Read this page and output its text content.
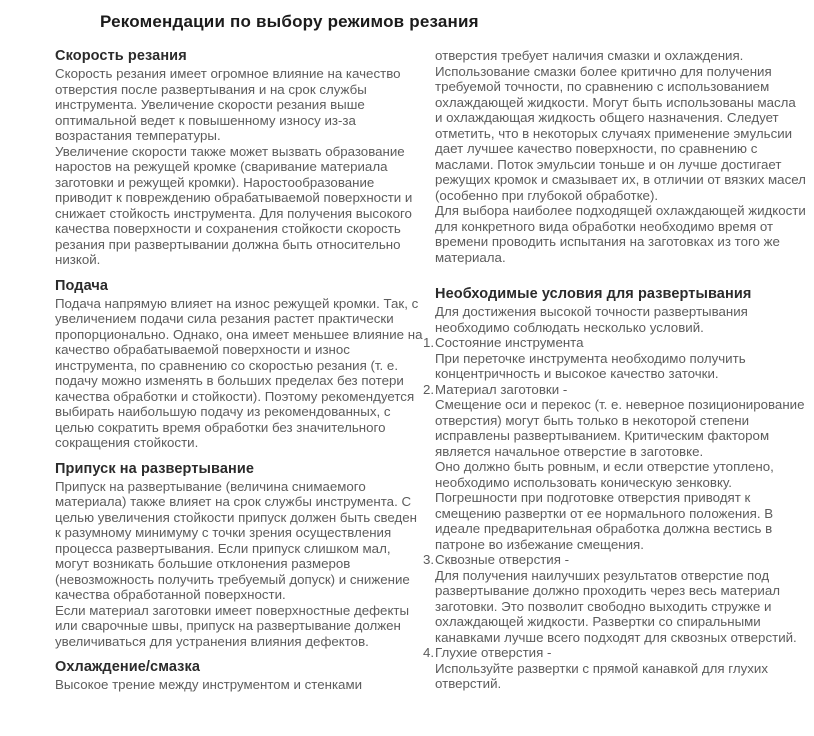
Рекомендации по выбору режимов резания
Скорость резания

Скорость резания имеет огромное влияние на качество отверстия после развертывания и на срок службы инструмента. Увеличение скорости резания выше оптимальной ведет к повышенному износу из-за возрастания температуры.

Увеличение скорости также может вызвать образование наростов на режущей кромке (сваривание материала заготовки и режущей кромки). Наростообразование приводит к повреждению обрабатываемой поверхности и снижает стойкость инструмента. Для получения высокого качества поверхности и сохранения стойкости скорость резания при развертывании должна быть относительно низкой.

Подача

Подача напрямую влияет на износ режущей кромки. Так, с увеличением подачи сила резания растет практически пропорционально. Однако, она имеет меньшее влияние на качество обрабатываемой поверхности и износ инструмента, по сравнению со скоростью резания (т. е. подачу можно изменять в больших пределах без потери качества обработки и стойкости). Поэтому рекомендуется выбирать наибольшую подачу из рекомендованных, с целью сократить время обработки без значительного сокращения стойкости.

Припуск на развертывание

Припуск на развертывание (величина снимаемого материала) также влияет на срок службы инструмента. С целью увеличения стойкости припуск должен быть сведен к разумному минимуму с точки зрения осуществления процесса развертывания. Если припуск слишком мал, могут возникать большие отклонения размеров (невозможность получить требуемый допуск) и снижение качества обработанной поверхности.

Если материал заготовки имеет поверхностные дефекты или сварочные швы, припуск на развертывание должен увеличиваться для устранения влияния дефектов.

Охлаждение/смазка

Высокое трение между инструментом и стенками

отверстия требует наличия смазки и охлаждения. Использование смазки более критично для получения требуемой точности, по сравнению с использованием охлаждающей жидкости. Могут быть использованы масла и охлаждающая жидкость общего назначения. Следует отметить, что в некоторых случаях применение эмульсии дает лучшее качество поверхности, по сравнению с маслами. Поток эмульсии тоньше и он лучше достигает режущих кромок и смазывает их, в отличии от вязких масел (особенно при глубокой обработке).

Для выбора наиболее подходящей охлаждающей жидкости для конкретного вида обработки необходимо время от времени проводить испытания на заготовках из того же материала.

Необходимые условия для развертывания

Для достижения высокой точности развертывания необходимо соблюдать несколько условий.

1. Состояние инструмента

При переточке инструмента необходимо получить концентричность и высокое качество заточки.

2. Материал заготовки -

Смещение оси и перекос (т. е. неверное позиционирование отверстия) могут быть только в некоторой степени исправлены развертыванием. Критическим фактором является начальное отверстие в заготовке.

Оно должно быть ровным, и если отверстие утоплено, необходимо использовать коническую зенковку. Погрешности при подготовке отверстия приводят к смещению развертки от ее нормального положения. В идеале предварительная обработка должна вестись в патроне во избежание смещения.

3. Сквозные отверстия -

Для получения наилучших результатов отверстие под развертывание должно проходить через весь материал заготовки. Это позволит свободно выходить стружке и охлаждающей жидкости. Развертки со спиральными канавками лучше всего подходят для сквозных отверстий.

4. Глухие отверстия -

Используйте развертки с прямой канавкой для глухих отверстий.
